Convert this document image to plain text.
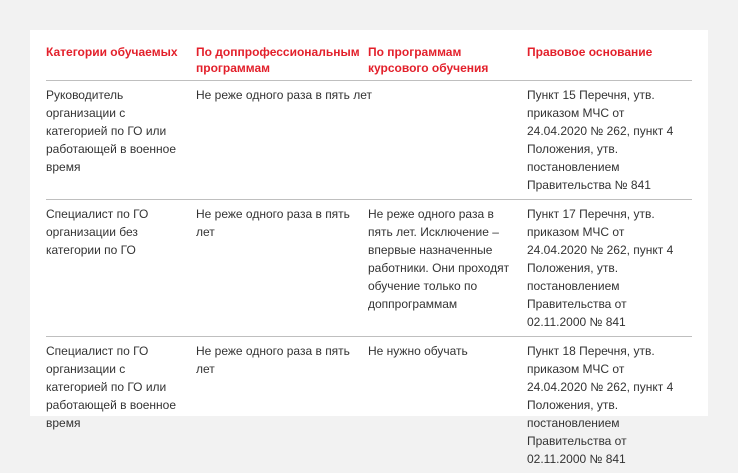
Категории обучаемых	По доппрофессиональным программам	По программам курсового обучения	Правовое основание
Руководитель организации с категорией по ГО или работающей в военное время	Не реже одного раза в пять лет		Пункт 15 Перечня, утв. приказом МЧС от 24.04.2020 № 262, пункт 4 Положения, утв. постановлением Правительства № 841
Специалист по ГО организации без категории по ГО	Не реже одного раза в пять лет	Не реже одного раза в пять лет. Исключение – впервые назначенные работники. Они проходят обучение только по доппрограммам	Пункт 17 Перечня, утв. приказом МЧС от 24.04.2020 № 262, пункт 4 Положения, утв. постановлением Правительства от 02.11.2000 № 841
Специалист по ГО организации с категорией по ГО или работающей в военное время	Не реже одного раза в пять лет	Не нужно обучать	Пункт 18 Перечня, утв. приказом МЧС от 24.04.2020 № 262, пункт 4 Положения, утв. постановлением Правительства от 02.11.2000 № 841
